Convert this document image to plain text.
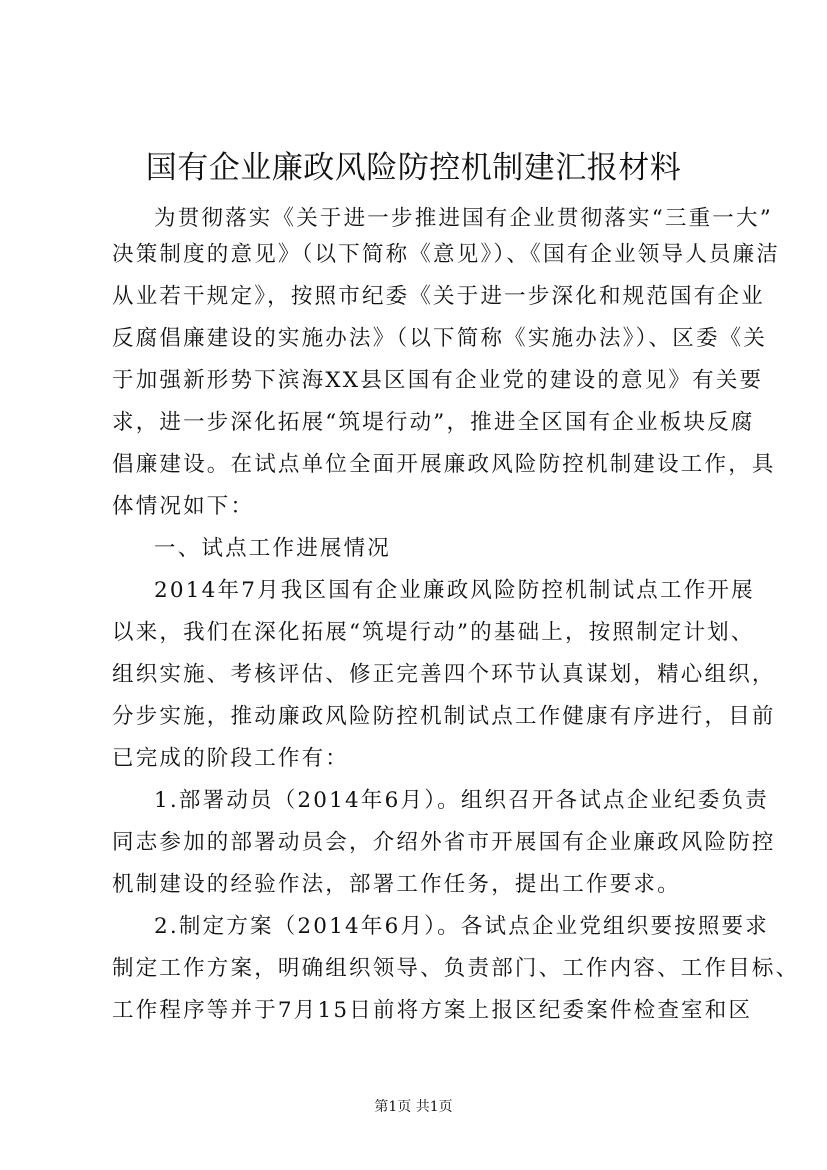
国有企业廉政风险防控机制建汇报材料
为贯彻落实《关于进一步推进国有企业贯彻落实“三重一大”
决策制度的意见》（以下简称《意见》）、《国有企业领导人员廉洁
从业若干规定》，按照市纪委《关于进一步深化和规范国有企业
反腐倡廉建设的实施办法》（以下简称《实施办法》）、区委《关
于加强新形势下滨海XX县区国有企业党的建设的意见》有关要
求，进一步深化拓展“筑堤行动”，推进全区国有企业板块反腐
倡廉建设。在试点单位全面开展廉政风险防控机制建设工作，具
体情况如下：
一、试点工作进展情况
2014年7月我区国有企业廉政风险防控机制试点工作开展
以来，我们在深化拓展“筑堤行动”的基础上，按照制定计划、
组织实施、考核评估、修正完善四个环节认真谋划，精心组织，
分步实施，推动廉政风险防控机制试点工作健康有序进行，目前
已完成的阶段工作有：
1.部署动员（2014年6月）。组织召开各试点企业纪委负责
同志参加的部署动员会，介绍外省市开展国有企业廉政风险防控
机制建设的经验作法，部署工作任务，提出工作要求。
2.制定方案（2014年6月）。各试点企业党组织要按照要求
制定工作方案，明确组织领导、负责部门、工作内容、工作目标、
工作程序等并于7月15日前将方案上报区纪委案件检查室和区
第1页 共1页
